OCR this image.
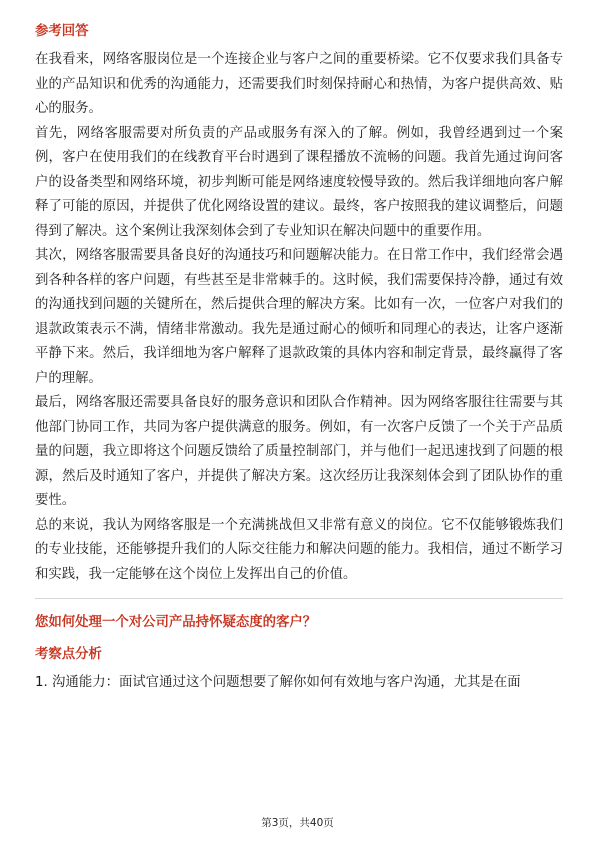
参考回答

在我看来，网络客服岗位是一个连接企业与客户之间的重要桥梁。它不仅要求我们具备专业的产品知识和优秀的沟通能力，还需要我们时刻保持耐心和热情，为客户提供高效、贴心的服务。

首先，网络客服需要对所负责的产品或服务有深入的了解。例如，我曾经遇到过一个案例，客户在使用我们的在线教育平台时遇到了课程播放不流畅的问题。我首先通过询问客户的设备类型和网络环境，初步判断可能是网络速度较慢导致的。然后我详细地向客户解释了可能的原因，并提供了优化网络设置的建议。最终，客户按照我的建议调整后，问题得到了解决。这个案例让我深刻体会到了专业知识在解决问题中的重要作用。

其次，网络客服需要具备良好的沟通技巧和问题解决能力。在日常工作中，我们经常会遇到各种各样的客户问题，有些甚至是非常棘手的。这时候，我们需要保持冷静，通过有效的沟通找到问题的关键所在，然后提供合理的解决方案。比如有一次，一位客户对我们的退款政策表示不满，情绪非常激动。我先是通过耐心的倾听和同理心的表达，让客户逐渐平静下来。然后，我详细地为客户解释了退款政策的具体内容和制定背景，最终赢得了客户的理解。

最后，网络客服还需要具备良好的服务意识和团队合作精神。因为网络客服往往需要与其他部门协同工作，共同为客户提供满意的服务。例如，有一次客户反馈了一个关于产品质量的问题，我立即将这个问题反馈给了质量控制部门，并与他们一起迅速找到了问题的根源，然后及时通知了客户，并提供了解决方案。这次经历让我深刻体会到了团队协作的重要性。

总的来说，我认为网络客服是一个充满挑战但又非常有意义的岗位。它不仅能够锻炼我们的专业技能，还能够提升我们的人际交往能力和解决问题的能力。我相信，通过不断学习和实践，我一定能够在这个岗位上发挥出自己的价值。

您如何处理一个对公司产品持怀疑态度的客户？
考察点分析

1. 沟通能力：面试官通过这个问题想要了解你如何有效地与客户沟通，尤其是在面

第3页，共40页
